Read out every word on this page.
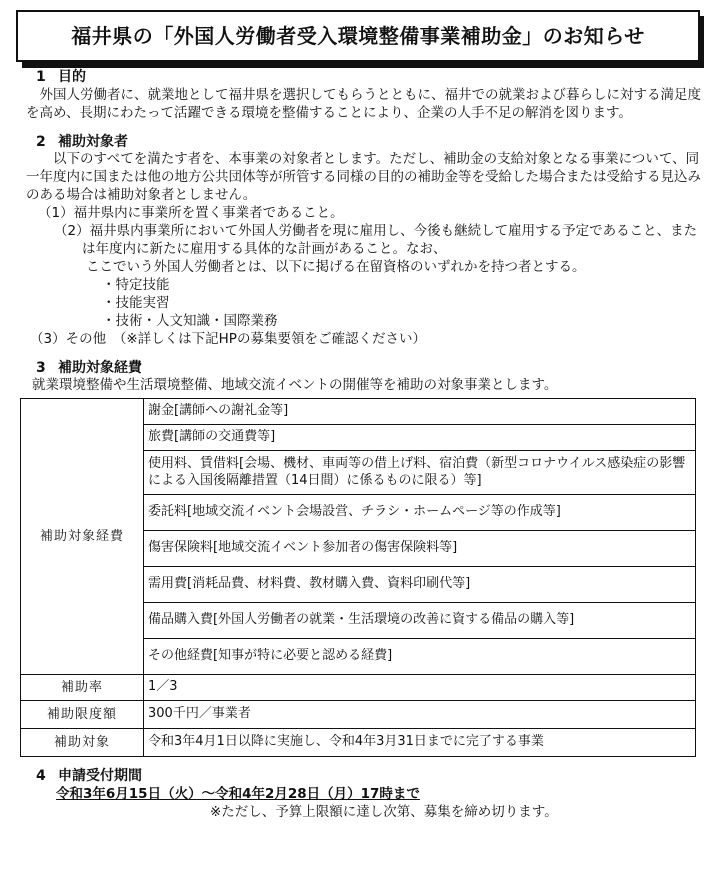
福井県の「外国人労働者受入環境整備事業補助金」のお知らせ
1 目的

外国人労働者に、就業地として福井県を選択してもらうとともに、福井での就業および暮らしに対する満足度を高め、長期にわたって活躍できる環境を整備することにより、企業の人手不足の解消を図ります。

2 補助対象者

以下のすべてを満たす者を、本事業の対象者とします。ただし、補助金の支給対象となる事業について、同一年度内に国または他の地方公共団体等が所管する同様の目的の補助金等を受給した場合または受給する見込みのある場合は補助対象者としません。

（1）福井県内に事業所を置く事業者であること。

（2）福井県内事業所において外国人労働者を現に雇用し、今後も継続して雇用する予定であること、または年度内に新たに雇用する具体的な計画があること。なお、

ここでいう外国人労働者とは、以下に掲げる在留資格のいずれかを持つ者とする。

・特定技能

・技能実習

・技術・人文知識・国際業務

（3）その他　（※詳しくは下記HPの募集要領をご確認ください）

3 補助対象経費

就業環境整備や生活環境整備、地域交流イベントの開催等を補助の対象事業とします。

補助対象経費	謝金[講師への謝礼金等]
	旅費[講師の交通費等]
	使用料、賃借料[会場、機材、車両等の借上げ料、宿泊費（新型コロナウイルス感染症の影響による入国後隔離措置（14日間）に係るものに限る）等]
	委託料[地域交流イベント会場設営、チラシ・ホームページ等の作成等]
	傷害保険料[地域交流イベント参加者の傷害保険料等]
	需用費[消耗品費、材料費、教材購入費、資料印刷代等]
	備品購入費[外国人労働者の就業・生活環境の改善に資する備品の購入等]
	その他経費[知事が特に必要と認める経費]
補助率	1／3
補助限度額	300千円／事業者
補助対象	令和3年4月1日以降に実施し、令和4年3月31日までに完了する事業
4 申請受付期間

令和3年6月15日（火）～令和4年2月28日（月）17時まで

※ただし、予算上限額に達し次第、募集を締め切ります。
